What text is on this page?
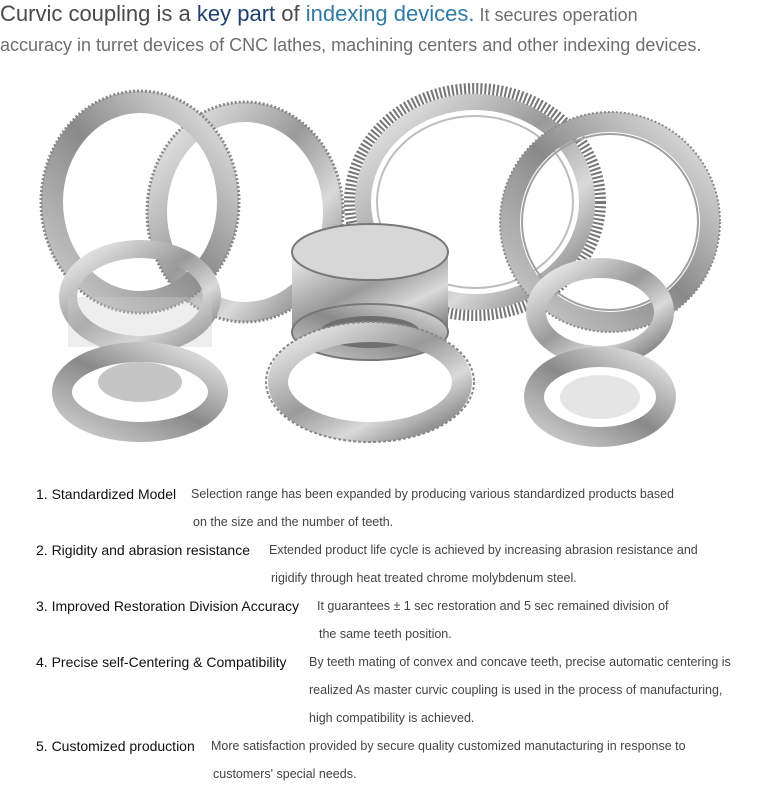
Curvic coupling is a key part of indexing devices. It secures operation
accuracy in turret devices of CNC lathes, machining centers and other indexing devices.
1. Standardized Model Selection range has been expanded by producing various standardized products based
on the size and the number of teeth.
2. Rigidity and abrasion resistance Extended product life cycle is achieved by increasing abrasion resistance and
rigidify through heat treated chrome molybdenum steel.
3. Improved Restoration Division Accuracy It guarantees ± 1 sec restoration and 5 sec remained division of
the same teeth position.
4. Precise self-Centering & Compatibility By teeth mating of convex and concave teeth, precise automatic centering is
realized As master curvic coupling is used in the process of manufacturing,
high compatibility is achieved.
5. Customized production More satisfaction provided by secure quality customized manutacturing in response to
customers' special needs.
